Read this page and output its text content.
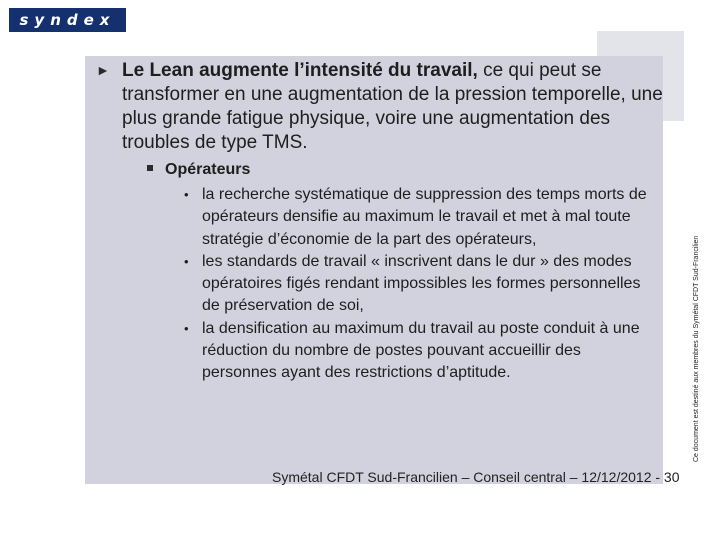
syndex
► Le Lean augmente l’intensité du travail, ce qui peut se transformer en une augmentation de la pression temporelle, une plus grande fatigue physique, voire une augmentation des troubles de type TMS.
Opérateurs
• la recherche systématique de suppression des temps morts de opérateurs densifie au maximum le travail et met à mal toute stratégie d’économie de la part des opérateurs,
• les standards de travail « inscrivent dans le dur » des modes opératoires figés rendant impossibles les formes personnelles de préservation de soi,
• la densification au maximum du travail au poste conduit à une réduction du nombre de postes pouvant accueillir des personnes ayant des restrictions d’aptitude.	Ce document est destiné aux membres du Symétal CFDT Sud-Francilien
Symétal CFDT Sud-Francilien – Conseil central – 12/12/2012 - 30
